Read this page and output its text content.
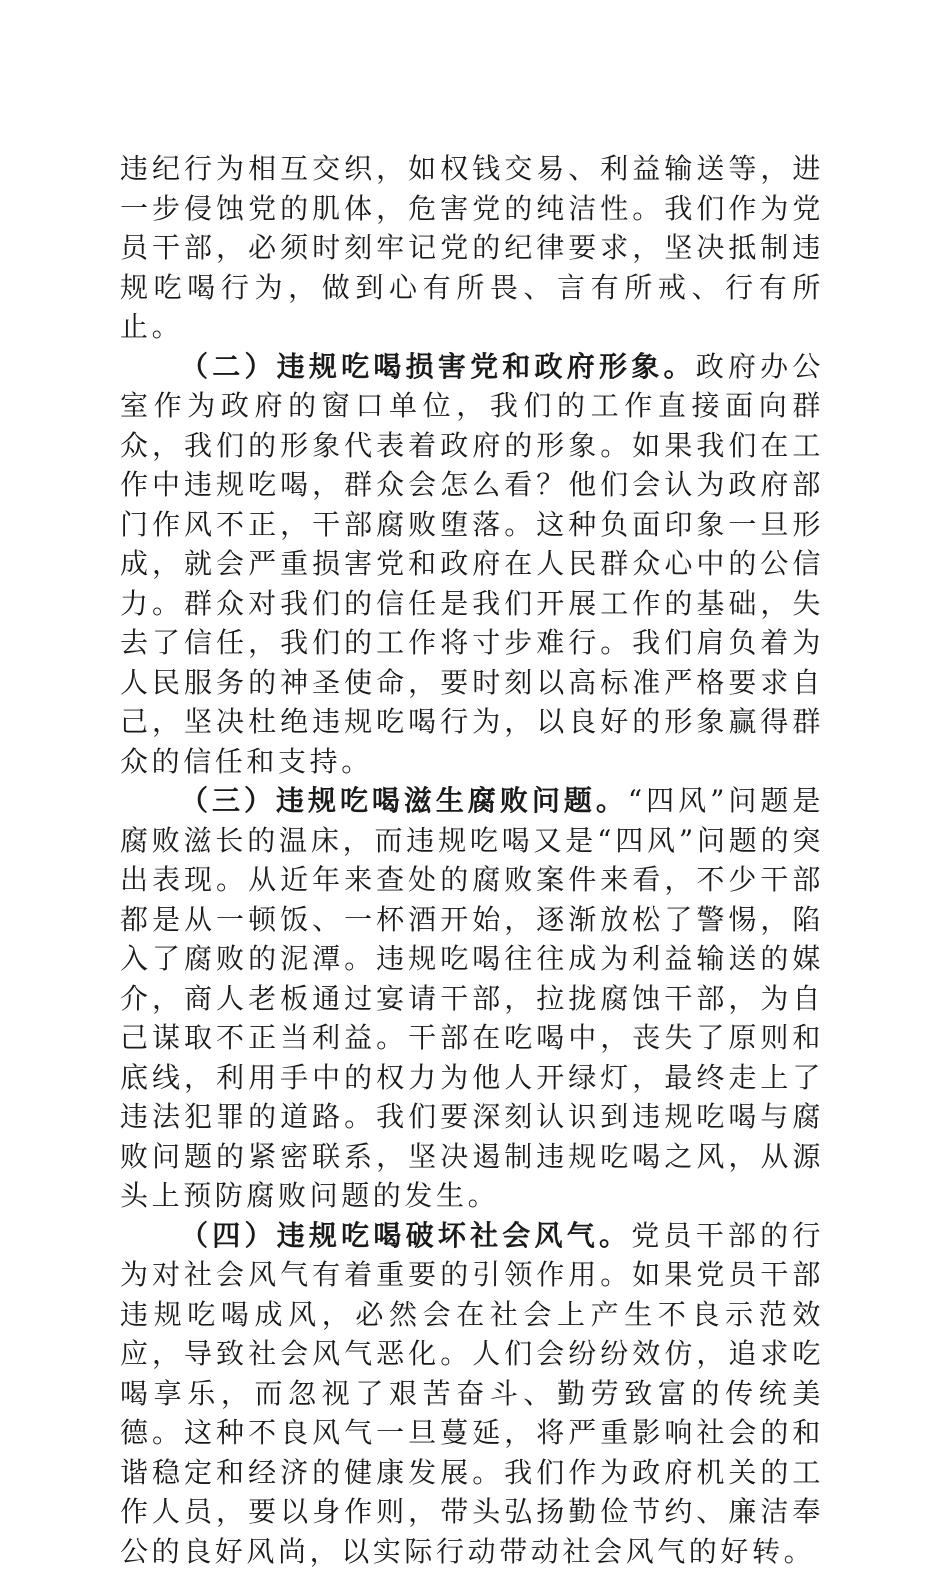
违纪行为相互交织，如权钱交易、利益输送等，进一步侵蚀党的肌体，危害党的纯洁性。我们作为党员干部，必须时刻牢记党的纪律要求，坚决抵制违规吃喝行为，做到心有所畏、言有所戒、行有所止。

（二）违规吃喝损害党和政府形象。政府办公室作为政府的窗口单位，我们的工作直接面向群众，我们的形象代表着政府的形象。如果我们在工作中违规吃喝，群众会怎么看？他们会认为政府部门作风不正，干部腐败堕落。这种负面印象一旦形成，就会严重损害党和政府在人民群众心中的公信力。群众对我们的信任是我们开展工作的基础，失去了信任，我们的工作将寸步难行。我们肩负着为人民服务的神圣使命，要时刻以高标准严格要求自己，坚决杜绝违规吃喝行为，以良好的形象赢得群众的信任和支持。

（三）违规吃喝滋生腐败问题。“四风”问题是腐败滋长的温床，而违规吃喝又是“四风”问题的突出表现。从近年来查处的腐败案件来看，不少干部都是从一顿饭、一杯酒开始，逐渐放松了警惕，陷入了腐败的泥潭。违规吃喝往往成为利益输送的媒介，商人老板通过宴请干部，拉拢腐蚀干部，为自己谋取不正当利益。干部在吃喝中，丧失了原则和底线，利用手中的权力为他人开绿灯，最终走上了违法犯罪的道路。我们要深刻认识到违规吃喝与腐败问题的紧密联系，坚决遏制违规吃喝之风，从源头上预防腐败问题的发生。

（四）违规吃喝破坏社会风气。党员干部的行为对社会风气有着重要的引领作用。如果党员干部违规吃喝成风，必然会在社会上产生不良示范效应，导致社会风气恶化。人们会纷纷效仿，追求吃喝享乐，而忽视了艰苦奋斗、勤劳致富的传统美德。这种不良风气一旦蔓延，将严重影响社会的和谐稳定和经济的健康发展。我们作为政府机关的工作人员，要以身作则，带头弘扬勤俭节约、廉洁奉公的良好风尚，以实际行动带动社会风气的好转。
